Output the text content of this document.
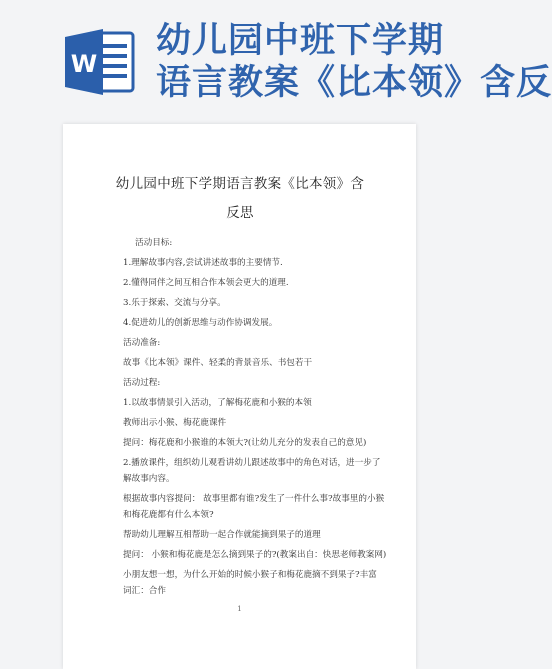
W
幼儿园中班下学期
语言教案《比本领》含反
幼儿园中班下学期语言教案《比本领》含反思
活动目标:
1.理解故事内容,尝试讲述故事的主要情节.
2.懂得同伴之间互相合作本领会更大的道理.
3.乐于探索、交流与分享。
4.促进幼儿的创新思维与动作协调发展。
活动准备:
故事《比本领》课件、轻柔的背景音乐、书包若干
活动过程:
1.以故事情景引入活动，了解梅花鹿和小猴的本领
教师出示小猴、梅花鹿课件
提问：梅花鹿和小猴谁的本领大?(让幼儿充分的发表自己的意见)
2.播放课件，组织幼儿观看讲幼儿跟述故事中的角色对话，进一步了
解故事内容。
根据故事内容提问： 故事里都有谁?发生了一件什么事?故事里的小猴
和梅花鹿都有什么本领?
帮助幼儿理解互相帮助一起合作就能摘到果子的道理
提问： 小猴和梅花鹿是怎么摘到果子的?(教案出自：快思老师教案网)
小朋友想一想，为什么开始的时候小猴子和梅花鹿摘不到果子?丰富
词汇：合作
1
